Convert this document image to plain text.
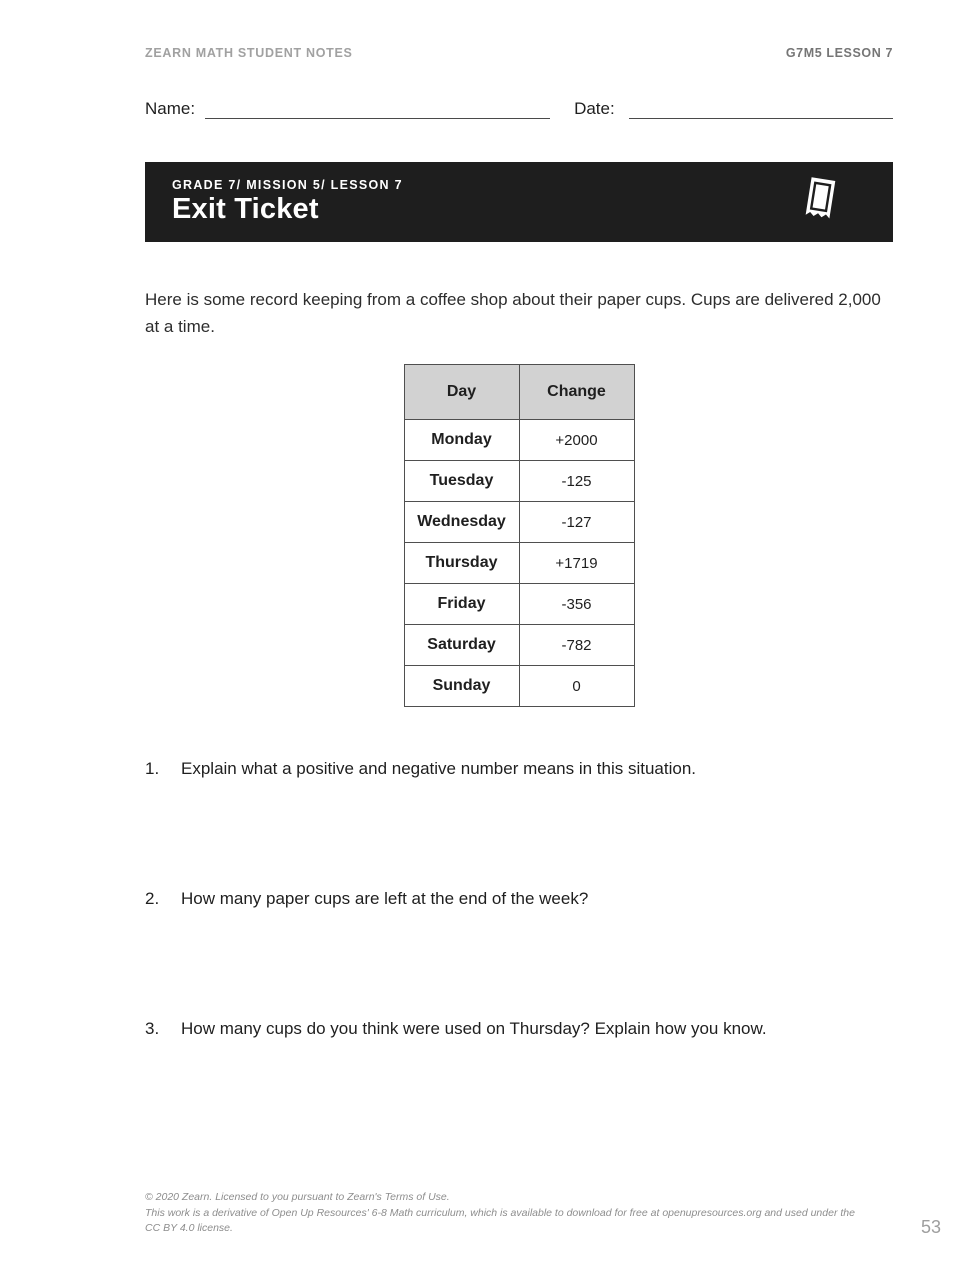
ZEARN MATH STUDENT NOTES	G7M5 LESSON 7
Name:	Date:
GRADE 7/ MISSION 5/ LESSON 7
Exit Ticket

Here is some record keeping from a coffee shop about their paper cups. Cups are delivered 2,000 at a time.

Day	Change
Monday	+2000
Tuesday	-125
Wednesday	-127
Thursday	+1719
Friday	-356
Saturday	-782
Sunday	0
1.	Explain what a positive and negative number means in this situation.
2.	How many paper cups are left at the end of the week?
3.	How many cups do you think were used on Thursday? Explain how you know.
© 2020 Zearn. Licensed to you pursuant to Zearn's Terms of Use.
This work is a derivative of Open Up Resources' 6-8 Math curriculum, which is available to download for free at openupresources.org and used under the CC BY 4.0 license.	53
